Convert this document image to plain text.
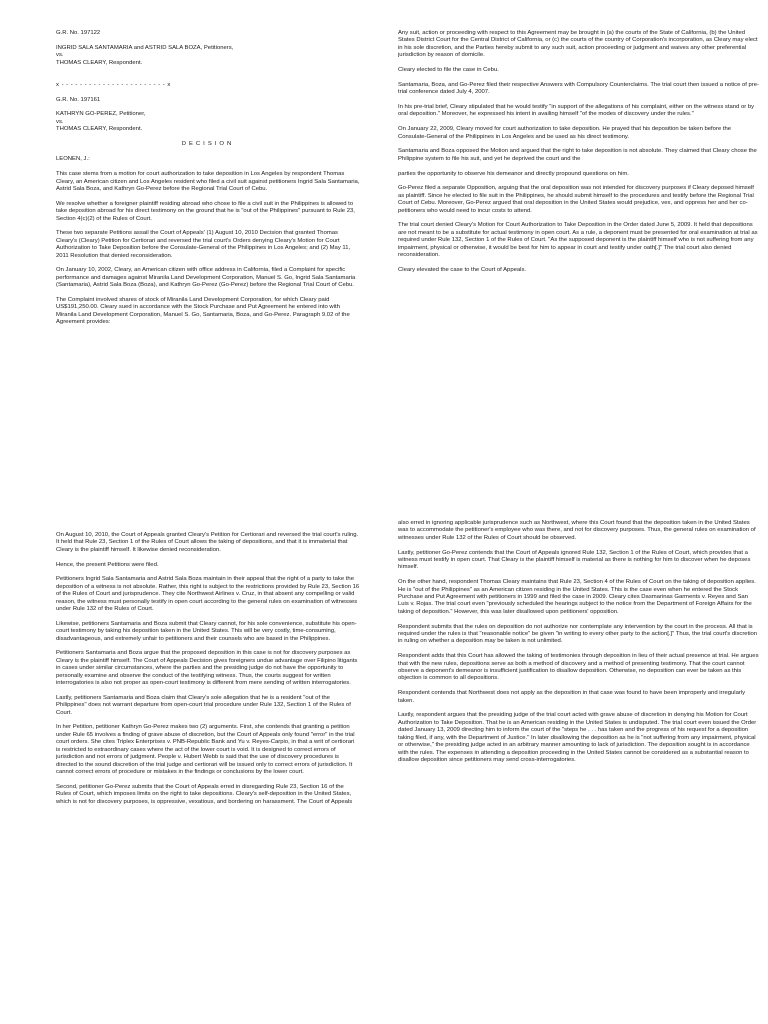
G.R. No. 197122

INGRID SALA SANTAMARIA and ASTRID SALA BOZA, Petitioners,

vs.

THOMAS CLEARY, Respondent.

x - - - - - - - - - - - - - - - - - - - - - - - x

G.R. No. 197161

KATHRYN GO-PEREZ, Petitioner,

vs.

THOMAS CLEARY, Respondent.

DECISION

LEONEN, J.:

This case stems from a motion for court authorization to take deposition in Los Angeles by respondent Thomas Cleary, an American citizen and Los Angeles resident who filed a civil suit against petitioners Ingrid Sala Santamaria, Astrid Sala Boza, and Kathryn Go-Perez before the Regional Trial Court of Cebu.

We resolve whether a foreigner plaintiff residing abroad who chose to file a civil suit in the Philippines is allowed to take deposition abroad for his direct testimony on the ground that he is "out of the Philippines" pursuant to Rule 23, Section 4(c)(2) of the Rules of Court.

These two separate Petitions assail the Court of Appeals' (1) August 10, 2010 Decision that granted Thomas Cleary's (Cleary) Petition for Certiorari and reversed the trial court's Orders denying Cleary's Motion for Court Authorization to Take Deposition before the Consulate-General of the Philippines in Los Angeles; and (2) May 11, 2011 Resolution that denied reconsideration.

On January 10, 2002, Cleary, an American citizen with office address in California, filed a Complaint for specific performance and damages against Miranila Land Development Corporation, Manuel S. Go, Ingrid Sala Santamaria (Santamaria), Astrid Sala Boza (Boza), and Kathryn Go-Perez (Go-Perez) before the Regional Trial Court of Cebu.

The Complaint involved shares of stock of Miranila Land Development Corporation, for which Cleary paid US$191,250.00. Cleary sued in accordance with the Stock Purchase and Put Agreement he entered into with Miranila Land Development Corporation, Manuel S. Go, Santamaria, Boza, and Go-Perez. Paragraph 9.02 of the Agreement provides:

Any suit, action or proceeding with respect to this Agreement may be brought in (a) the courts of the State of California, (b) the United States District Court for the Central District of California, or (c) the courts of the country of Corporation's incorporation, as Cleary may elect in his sole discretion, and the Parties hereby submit to any such suit, action proceeding or judgment and waives any other preferential jurisdiction by reason of domicile.

Cleary elected to file the case in Cebu.

Santamaria, Boza, and Go-Perez filed their respective Answers with Compulsory Counterclaims. The trial court then issued a notice of pre-trial conference dated July 4, 2007.

In his pre-trial brief, Cleary stipulated that he would testify "in support of the allegations of his complaint, either on the witness stand or by oral deposition." Moreover, he expressed his intent in availing himself "of the modes of discovery under the rules."

On January 22, 2009, Cleary moved for court authorization to take deposition. He prayed that his deposition be taken before the Consulate-General of the Philippines in Los Angeles and be used as his direct testimony.

Santamaria and Boza opposed the Motion and argued that the right to take deposition is not absolute. They claimed that Cleary chose the Philippine system to file his suit, and yet he deprived the court and the

parties the opportunity to observe his demeanor and directly propound questions on him.

Go-Perez filed a separate Opposition, arguing that the oral deposition was not intended for discovery purposes if Cleary deposed himself as plaintiff. Since he elected to file suit in the Philippines, he should submit himself to the procedures and testify before the Regional Trial Court of Cebu. Moreover, Go-Perez argued that oral deposition in the United States would prejudice, vex, and oppress her and her co-petitioners who would need to incur costs to attend.

The trial court denied Cleary's Motion for Court Authorization to Take Deposition in the Order dated June 5, 2009. It held that depositions are not meant to be a substitute for actual testimony in open court. As a rule, a deponent must be presented for oral examination at trial as required under Rule 132, Section 1 of the Rules of Court. "As the supposed deponent is the plaintiff himself who is not suffering from any impairment, physical or otherwise, it would be best for him to appear in court and testify under oath[.]" The trial court also denied reconsideration.

Cleary elevated the case to the Court of Appeals.

On August 10, 2010, the Court of Appeals granted Cleary's Petition for Certiorari and reversed the trial court's ruling. It held that Rule 23, Section 1 of the Rules of Court allows the taking of depositions, and that it is immaterial that Cleary is the plaintiff himself. It likewise denied reconsideration.

Hence, the present Petitions were filed.

Petitioners Ingrid Sala Santamaria and Astrid Sala Boza maintain in their appeal that the right of a party to take the deposition of a witness is not absolute. Rather, this right is subject to the restrictions provided by Rule 23, Section 16 of the Rules of Court and jurisprudence. They cite Northwest Airlines v. Cruz, in that absent any compelling or valid reason, the witness must personally testify in open court according to the general rules on examination of witnesses under Rule 132 of the Rules of Court.

Likewise, petitioners Santamaria and Boza submit that Cleary cannot, for his sole convenience, substitute his open-court testimony by taking his deposition taken in the United States. This will be very costly, time-consuming, disadvantageous, and extremely unfair to petitioners and their counsels who are based in the Philippines.

Petitioners Santamaria and Boza argue that the proposed deposition in this case is not for discovery purposes as Cleary is the plaintiff himself. The Court of Appeals Decision gives foreigners undue advantage over Filipino litigants in cases under similar circumstances, where the parties and the presiding judge do not have the opportunity to personally examine and observe the conduct of the testifying witness. Thus, the courts suggest for written interrogatories is also not proper as open-court testimony is different from mere sending of written interrogatories.

Lastly, petitioners Santamaria and Boza claim that Cleary's sole allegation that he is a resident "out of the Philippines" does not warrant departure from open-court trial procedure under Rule 132, Section 1 of the Rules of Court.

In her Petition, petitioner Kathryn Go-Perez makes two (2) arguments. First, she contends that granting a petition under Rule 65 involves a finding of grave abuse of discretion, but the Court of Appeals only found "error" in the trial court orders. She cites Triplex Enterprises v. PNB-Republic Bank and Yu v. Reyes-Carpio, in that a writ of certiorari is restricted to extraordinary cases where the act of the lower court is void. It is designed to correct errors of jurisdiction and not errors of judgment. People v. Hubert Webb is said that the use of discovery procedures is directed to the sound discretion of the trial judge and certiorari will be issued only to correct errors of jurisdiction. It cannot correct errors of procedure or mistakes in the findings or conclusions by the lower court.

Second, petitioner Go-Perez submits that the Court of Appeals erred in disregarding Rule 23, Section 16 of the Rules of Court, which imposes limits on the right to take depositions. Cleary's self-deposition in the United States, which is not for discovery purposes, is oppressive, vexatious, and bordering on harassment. The Court of Appeals

also erred in ignoring applicable jurisprudence such as Northwest, where this Court found that the deposition taken in the United States was to accommodate the petitioner's employee who was there, and not for discovery purposes. Thus, the general rules on examination of witnesses under Rule 132 of the Rules of Court should be observed.

Lastly, petitioner Go-Perez contends that the Court of Appeals ignored Rule 132, Section 1 of the Rules of Court, which provides that a witness must testify in open court. That Cleary is the plaintiff himself is material as there is nothing for him to discover when he deposes himself.

On the other hand, respondent Thomas Cleary maintains that Rule 23, Section 4 of the Rules of Court on the taking of deposition applies. He is "out of the Philippines" as an American citizen residing in the United States. This is the case even when he entered the Stock Purchase and Put Agreement with petitioners in 1999 and filed the case in 2009. Cleary cites Dasmarinas Garments v. Reyes and San Luis v. Rojas. The trial court even "previously scheduled the hearings subject to the notice from the Department of Foreign Affairs for the taking of deposition." However, this was later disallowed upon petitioners' opposition.

Respondent submits that the rules on deposition do not authorize nor contemplate any intervention by the court in the process. All that is required under the rules is that "reasonable notice" be given "in writing to every other party to the action[.]" Thus, the trial court's discretion in ruling on whether a deposition may be taken is not unlimited.

Respondent adds that this Court has allowed the taking of testimonies through deposition in lieu of their actual presence at trial. He argues that with the new rules, depositions serve as both a method of discovery and a method of presenting testimony. That the court cannot observe a deponent's demeanor is insufficient justification to disallow deposition. Otherwise, no deposition can ever be taken as this objection is common to all depositions.

Respondent contends that Northwest does not apply as the deposition in that case was found to have been improperly and irregularly taken.

Lastly, respondent argues that the presiding judge of the trial court acted with grave abuse of discretion in denying his Motion for Court Authorization to Take Deposition. That he is an American residing in the United States is undisputed. The trial court even issued the Order dated January 13, 2009 directing him to inform the court of the "steps he . . . has taken and the progress of his request for a deposition taking filed, if any, with the Department of Justice." In later disallowing the deposition as he is "not suffering from any impairment, physical or otherwise," the presiding judge acted in an arbitrary manner amounting to lack of jurisdiction. The deposition sought is in accordance with the rules. The expenses in attending a deposition proceeding in the United States cannot be considered as a substantial reason to disallow deposition since petitioners may send cross-interrogatories.
